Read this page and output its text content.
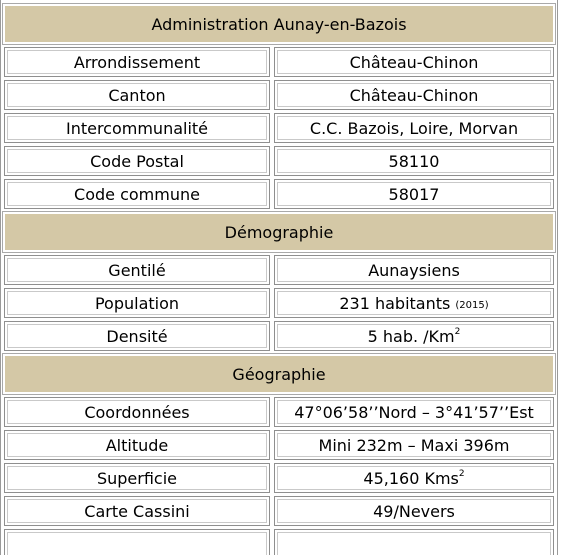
Administration Aunay-en-Bazois
Arrondissement	Château-Chinon
Canton	Château-Chinon
Intercommunalité	C.C. Bazois, Loire, Morvan
Code Postal	58110
Code commune	58017
Démographie
Gentilé	Aunaysiens
Population	231 habitants (2015)
Densité	5 hab. /Km$^2$
Géographie
Coordonnées	47°06’58’’Nord – 3°41’57’’Est
Altitude	Mini 232m – Maxi 396m
Superficie	45,160 Kms$^2$
Carte Cassini	49/Nevers
